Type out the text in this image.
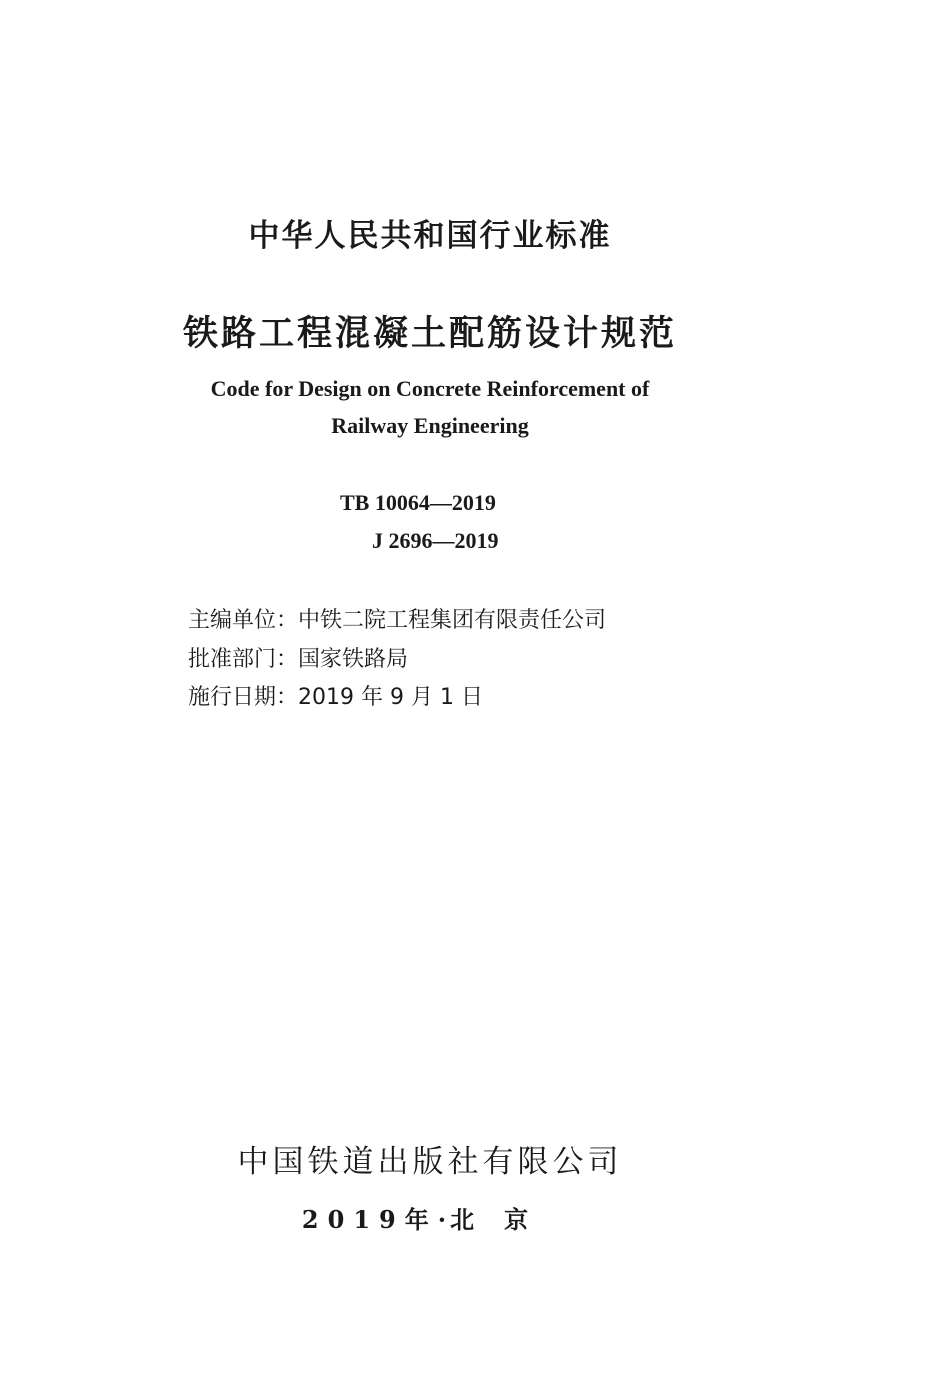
中华人民共和国行业标准
铁路工程混凝土配筋设计规范
Code for Design on Concrete Reinforcement of
Railway Engineering
TB 10064—2019
J 2696—2019
主编单位：中铁二院工程集团有限责任公司
批准部门：国家铁路局
施行日期：2019 年 9 月 1 日
中国铁道出版社有限公司
2019年· 北京
